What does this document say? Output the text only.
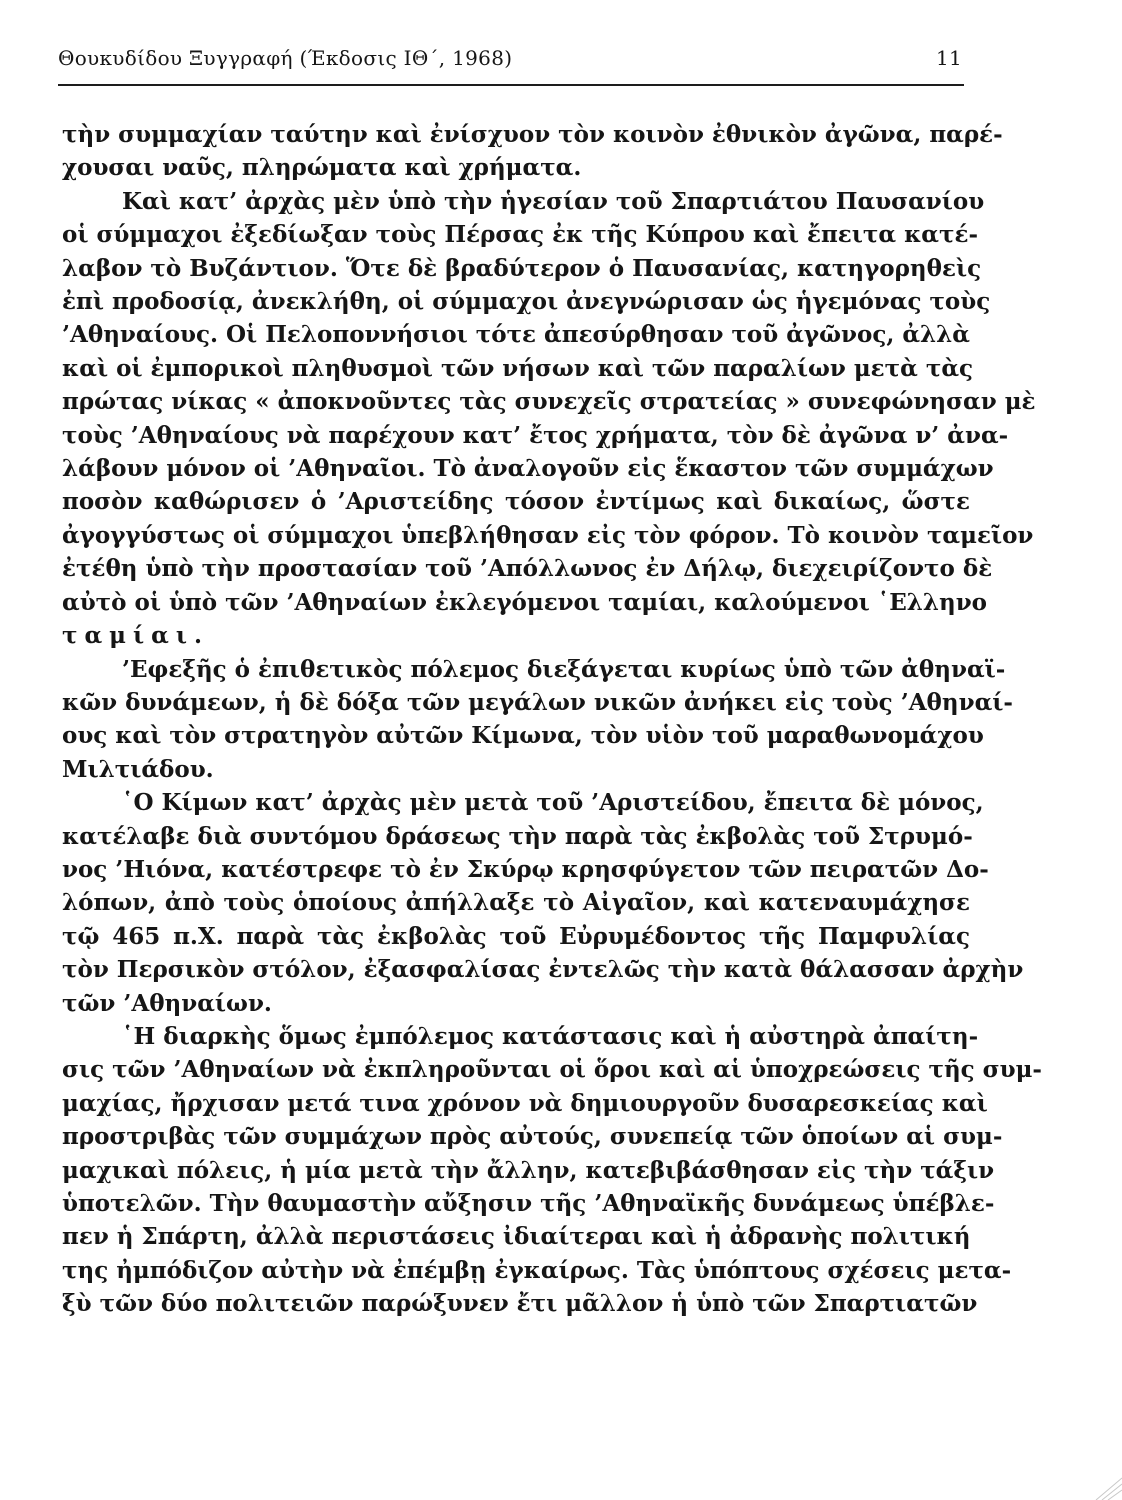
Θουκυδίδου Ξυγγραφή (Έκδοσις ΙΘ΄, 1968)	11

τὴν συμμαχίαν ταύτην καὶ ἐνίσχυον τὸν κοινὸν ἐθνικὸν ἀγῶνα, παρέ-
χουσαι ναῦς, πληρώματα καὶ χρήματα.

Καὶ κατ’ ἀρχὰς μὲν ὑπὸ τὴν ἡγεσίαν τοῦ Σπαρτιάτου Παυσανίου
οἱ σύμμαχοι ἐξεδίωξαν τοὺς Πέρσας ἐκ τῆς Κύπρου καὶ ἔπειτα κατέ-
λαβον τὸ Βυζάντιον. Ὅτε δὲ βραδύτερον ὁ Παυσανίας, κατηγορηθεὶς
ἐπὶ προδοσίᾳ, ἀνεκλήθη, οἱ σύμμαχοι ἀνεγνώρισαν ὡς ἡγεμόνας τοὺς
’Αθηναίους. Οἱ Πελοποννήσιοι τότε ἀπεσύρθησαν τοῦ ἀγῶνος, ἀλλὰ
καὶ οἱ ἐμπορικοὶ πληθυσμοὶ τῶν νήσων καὶ τῶν παραλίων μετὰ τὰς
πρώτας νίκας « ἀποκνοῦντες τὰς συνεχεῖς στρατείας » συνεφώνησαν μὲ
τοὺς ’Αθηναίους νὰ παρέχουν κατ’ ἔτος χρήματα, τὸν δὲ ἀγῶνα ν’ ἀνα-
λάβουν μόνον οἱ ’Αθηναῖοι. Τὸ ἀναλογοῦν εἰς ἕκαστον τῶν συμμάχων
ποσὸν καθώρισεν ὁ ’Αριστείδης τόσον ἐντίμως καὶ δικαίως, ὥστε
ἀγογγύστως οἱ σύμμαχοι ὑπεβλήθησαν εἰς τὸν φόρον. Τὸ κοινὸν ταμεῖον
ἐτέθη ὑπὸ τὴν προστασίαν τοῦ ’Απόλλωνος ἐν Δήλῳ, διεχειρίζοντο δὲ
αὐτὸ οἱ ὑπὸ τῶν ’Αθηναίων ἐκλεγόμενοι ταμίαι, καλούμενοι ῾Ελληνο
ταμίαι.

’Εφεξῆς ὁ ἐπιθετικὸς πόλεμος διεξάγεται κυρίως ὑπὸ τῶν ἀθηναϊ-
κῶν δυνάμεων, ἡ δὲ δόξα τῶν μεγάλων νικῶν ἀνήκει εἰς τοὺς ’Αθηναί-
ους καὶ τὸν στρατηγὸν αὐτῶν Κίμωνα, τὸν υἱὸν τοῦ μαραθωνομάχου
Μιλτιάδου.

῾Ο Κίμων κατ’ ἀρχὰς μὲν μετὰ τοῦ ’Αριστείδου, ἔπειτα δὲ μόνος,
κατέλαβε διὰ συντόμου δράσεως τὴν παρὰ τὰς ἐκβολὰς τοῦ Στρυμό-
νος ’Ηιόνα, κατέστρεφε τὸ ἐν Σκύρῳ κρησφύγετον τῶν πειρατῶν Δο-
λόπων, ἀπὸ τοὺς ὁποίους ἀπήλλαξε τὸ Αἰγαῖον, καὶ κατεναυμάχησε
τῷ 465 π.Χ. παρὰ τὰς ἐκβολὰς τοῦ Εὐρυμέδοντος τῆς Παμφυλίας
τὸν Περσικὸν στόλον, ἐξασφαλίσας ἐντελῶς τὴν κατὰ θάλασσαν ἀρχὴν
τῶν ’Αθηναίων.

῾Η διαρκὴς ὅμως ἐμπόλεμος κατάστασις καὶ ἡ αὐστηρὰ ἀπαίτη-
σις τῶν ’Αθηναίων νὰ ἐκπληροῦνται οἱ ὅροι καὶ αἱ ὑποχρεώσεις τῆς συμ-
μαχίας, ἤρχισαν μετά τινα χρόνον νὰ δημιουργοῦν δυσαρεσκείας καὶ
προστριβὰς τῶν συμμάχων πρὸς αὐτούς, συνεπείᾳ τῶν ὁποίων αἱ συμ-
μαχικαὶ πόλεις, ἡ μία μετὰ τὴν ἄλλην, κατεβιβάσθησαν εἰς τὴν τάξιν
ὑποτελῶν. Τὴν θαυμαστὴν αὔξησιν τῆς ’Αθηναϊκῆς δυνάμεως ὑπέβλε-
πεν ἡ Σπάρτη, ἀλλὰ περιστάσεις ἰδιαίτεραι καὶ ἡ ἀδρανὴς πολιτική
της ἠμπόδιζον αὐτὴν νὰ ἐπέμβῃ ἐγκαίρως. Τὰς ὑπόπτους σχέσεις μετα-
ξὺ τῶν δύο πολιτειῶν παρώξυνεν ἔτι μᾶλλον ἡ ὑπὸ τῶν Σπαρτιατῶν
